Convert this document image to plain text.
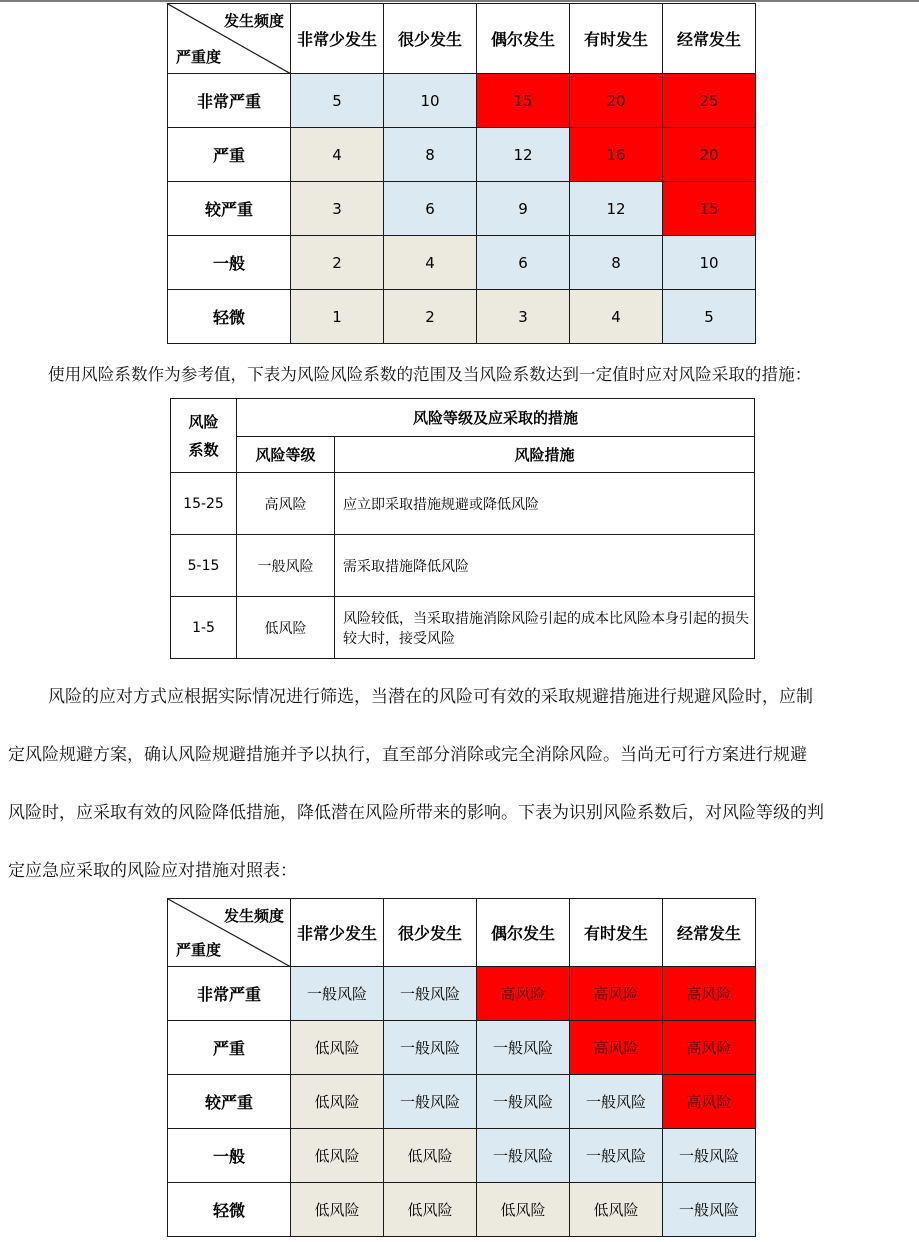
发生频度
严重度	非常少发生	很少发生	偶尔发生	有时发生	经常发生
非常严重	5	10	15	20	25
严重	4	8	12	16	20
较严重	3	6	9	12	15
一般	2	4	6	8	10
轻微	1	2	3	4	5
使用风险系数作为参考值，下表为风险风险系数的范围及当风险系数达到一定值时应对风险采取的措施：
风险系数	风险等级及应采取的措施	
	风险等级	风险措施
15-25	高风险	应立即采取措施规避或降低风险
5-15	一般风险	需采取措施降低风险
1-5	低风险	风险较低，当采取措施消除风险引起的成本比风险本身引起的损失较大时，接受风险
风险的应对方式应根据实际情况进行筛选，当潜在的风险可有效的采取规避措施进行规避风险时，应制
定风险规避方案，确认风险规避措施并予以执行，直至部分消除或完全消除风险。当尚无可行方案进行规避
风险时，应采取有效的风险降低措施，降低潜在风险所带来的影响。下表为识别风险系数后，对风险等级的判
定应急应采取的风险应对措施对照表：
发生频度
严重度	非常少发生	很少发生	偶尔发生	有时发生	经常发生
非常严重	一般风险	一般风险	高风险	高风险	高风险
严重	低风险	一般风险	一般风险	高风险	高风险
较严重	低风险	一般风险	一般风险	一般风险	高风险
一般	低风险	低风险	一般风险	一般风险	一般风险
轻微	低风险	低风险	低风险	低风险	一般风险
